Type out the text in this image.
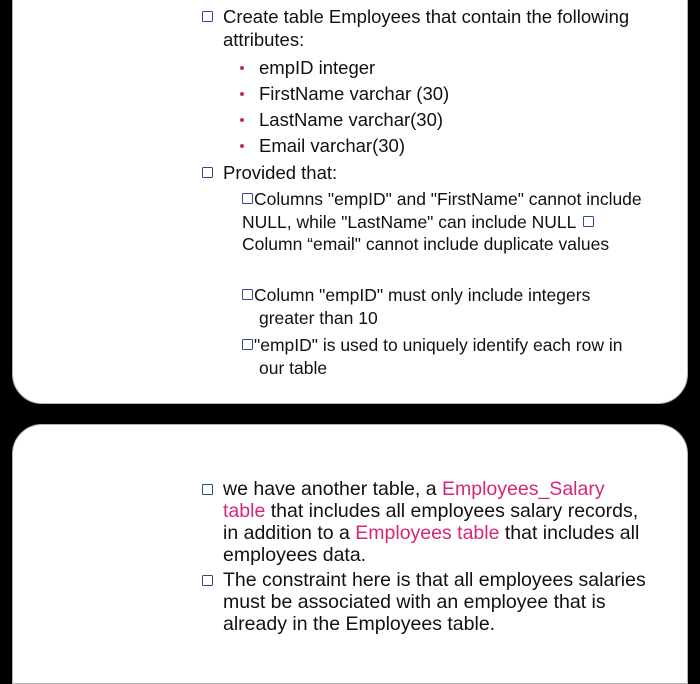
Create table Employees that contain the following attributes:
empID integer
FirstName varchar (30)
LastName varchar(30)
Email varchar(30)
Provided that:
Columns "empID" and "FirstName" cannot include NULL, while "LastName" can include NULL Column “email" cannot include duplicate values
Column "empID" must only include integers
greater than 10
"empID" is used to uniquely identify each row in
our table
we have another table, a Employees_Salary table that includes all employees salary records, in addition to a Employees table that includes all employees data.
The constraint here is that all employees salaries must be associated with an employee that is already in the Employees table.
